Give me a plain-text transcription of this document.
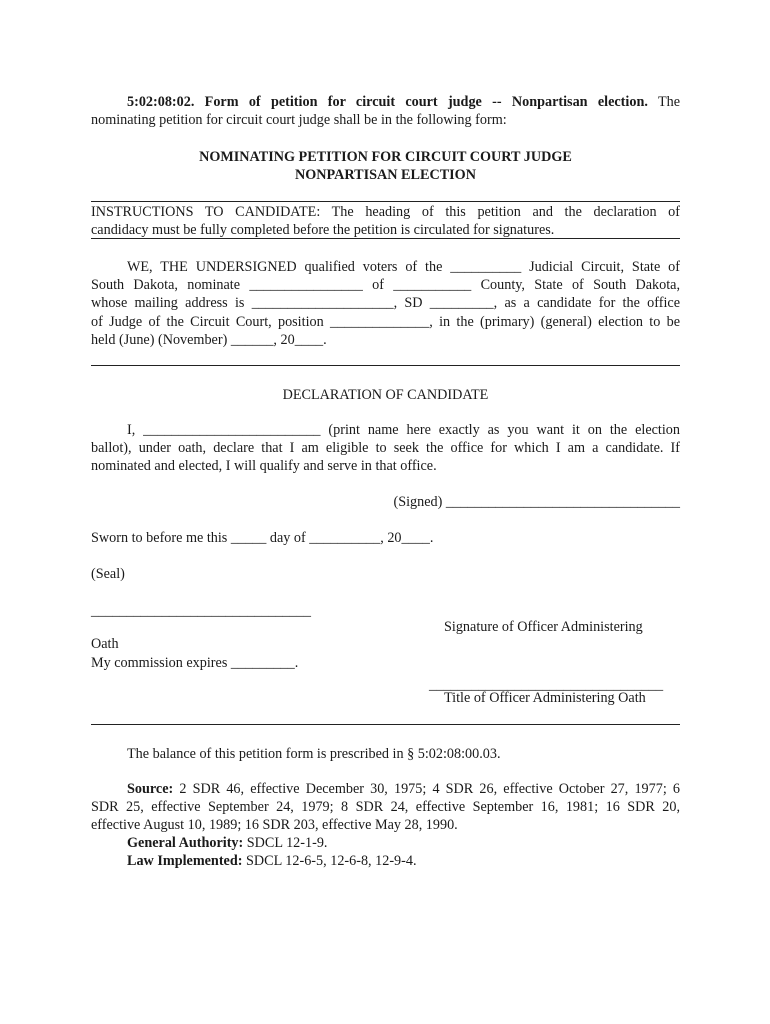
5:02:08:02. Form of petition for circuit court judge -- Nonpartisan election. The
nominating petition for circuit court judge shall be in the following form:
NOMINATING PETITION FOR CIRCUIT COURT JUDGE
NONPARTISAN ELECTION
INSTRUCTIONS TO CANDIDATE: The heading of this petition and the declaration of
candidacy must be fully completed before the petition is circulated for signatures.
WE, THE UNDERSIGNED qualified voters of the __________ Judicial Circuit, State of
South Dakota, nominate ________________ of ___________ County, State of South Dakota,
whose mailing address is ____________________, SD _________, as a candidate for the office
of Judge of the Circuit Court, position ______________, in the (primary) (general) election to be
held (June) (November) ______, 20____.
DECLARATION OF CANDIDATE
I, _________________________ (print name here exactly as you want it on the election
ballot), under oath, declare that I am eligible to seek the office for which I am a candidate. If
nominated and elected, I will qualify and serve in that office.
(Signed) _________________________________
Sworn to before me this _____ day of __________, 20____.
(Seal)
_______________________________
Signature of Officer Administering
Oath
My commission expires _________.
_________________________________
Title of Officer Administering Oath
The balance of this petition form is prescribed in § 5:02:08:00.03.
Source: 2 SDR 46, effective December 30, 1975; 4 SDR 26, effective October 27, 1977; 6
SDR 25, effective September 24, 1979; 8 SDR 24, effective September 16, 1981; 16 SDR 20,
effective August 10, 1989; 16 SDR 203, effective May 28, 1990.
General Authority: SDCL 12-1-9.
Law Implemented: SDCL 12-6-5, 12-6-8, 12-9-4.
